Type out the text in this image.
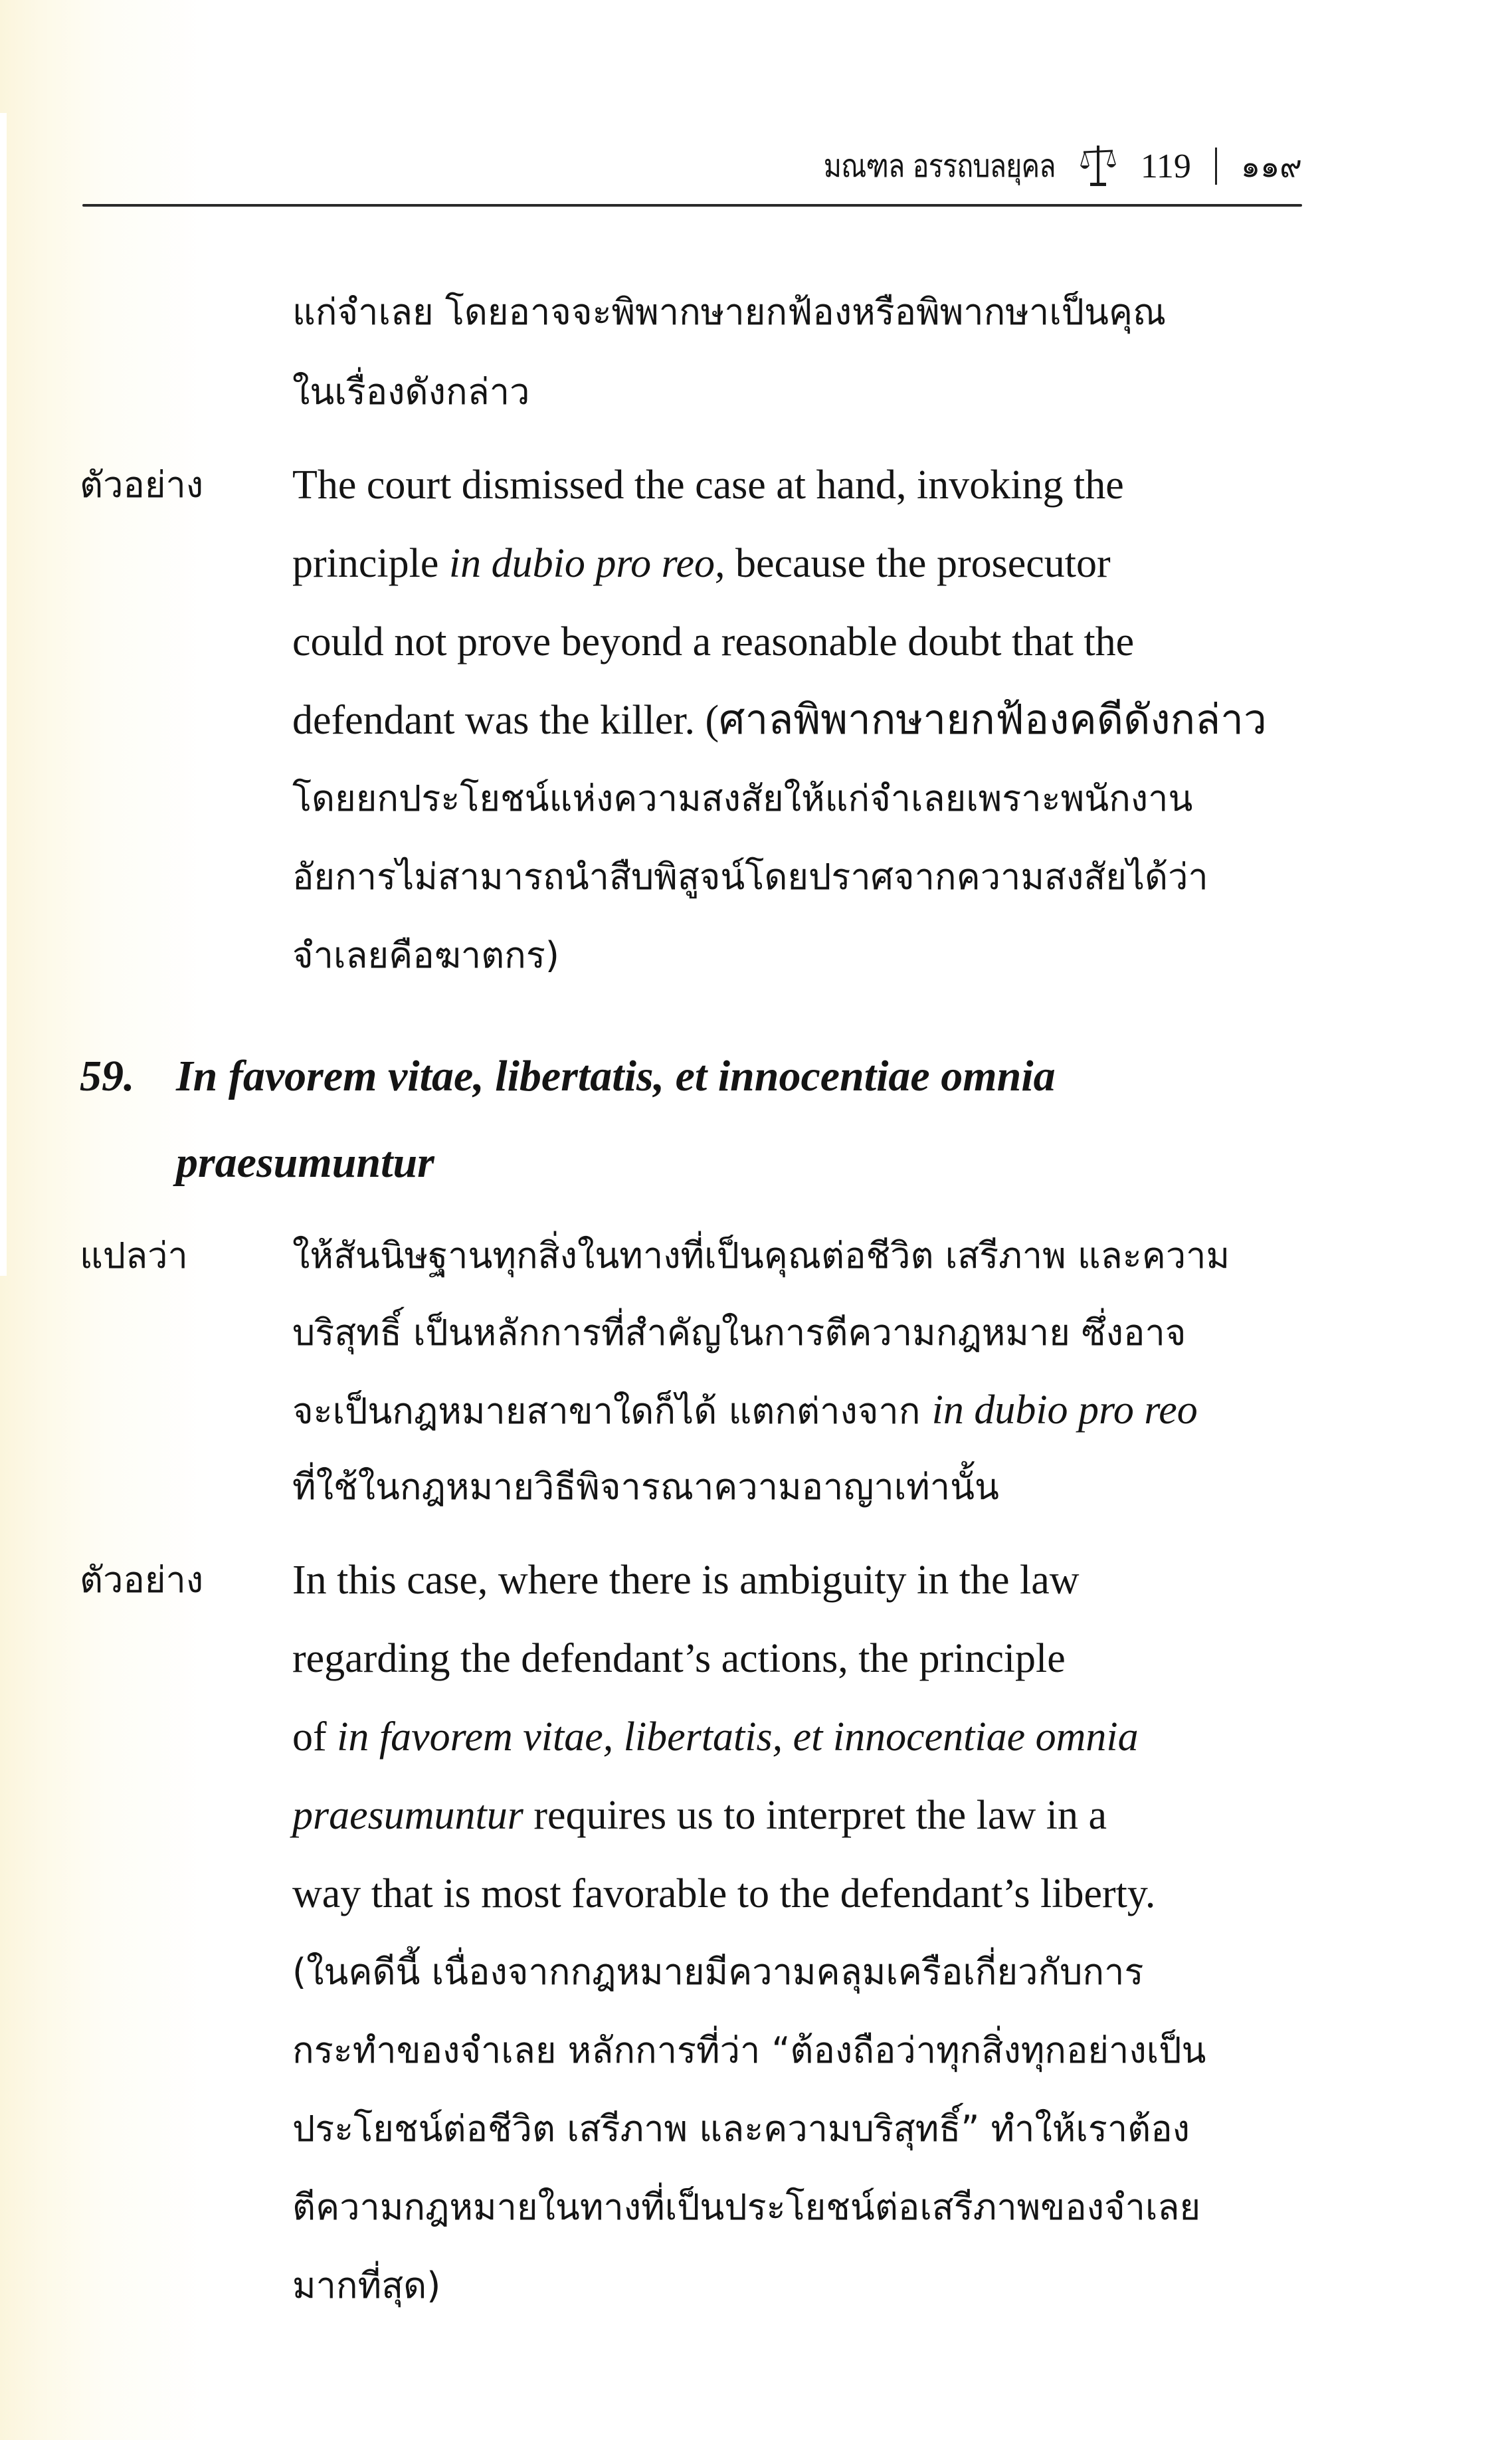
มณฑล อรรถบลยุคล 119 ๑๑๙
แก่จำเลย โดยอาจจะพิพากษายกฟ้องหรือพิพากษาเป็นคุณ
ในเรื่องดังกล่าว
ตัวอย่าง The court dismissed the case at hand, invoking the
principle in dubio pro reo, because the prosecutor
could not prove beyond a reasonable doubt that the
defendant was the killer. (ศาลพิพากษายกฟ้องคดีดังกล่าว
โดยยกประโยชน์แห่งความสงสัยให้แก่จำเลยเพราะพนักงาน
อัยการไม่สามารถนำสืบพิสูจน์โดยปราศจากความสงสัยได้ว่า
จำเลยคือฆาตกร)
59. In favorem vitae, libertatis, et innocentiae omnia
praesumuntur
แปลว่า	ให้สันนิษฐานทุกสิ่งในทางที่เป็นคุณต่อชีวิต เสรีภาพ และความ
บริสุทธิ์ เป็นหลักการที่สำคัญในการตีความกฎหมาย ซึ่งอาจ
จะเป็นกฎหมายสาขาใดก็ได้ แตกต่างจาก in dubio pro reo
ที่ใช้ในกฎหมายวิธีพิจารณาความอาญาเท่านั้น
ตัวอย่าง In this case, where there is ambiguity in the law
regarding the defendant’s actions, the principle
of in favorem vitae, libertatis, et innocentiae omnia
praesumuntur requires us to interpret the law in a
way that is most favorable to the defendant’s liberty.
(ในคดีนี้ เนื่องจากกฎหมายมีความคลุมเครือเกี่ยวกับการ
กระทำของจำเลย หลักการที่ว่า “ต้องถือว่าทุกสิ่งทุกอย่างเป็น
ประโยชน์ต่อชีวิต เสรีภาพ และความบริสุทธิ์” ทำให้เราต้อง
ตีความกฎหมายในทางที่เป็นประโยชน์ต่อเสรีภาพของจำเลย
มากที่สุด)
